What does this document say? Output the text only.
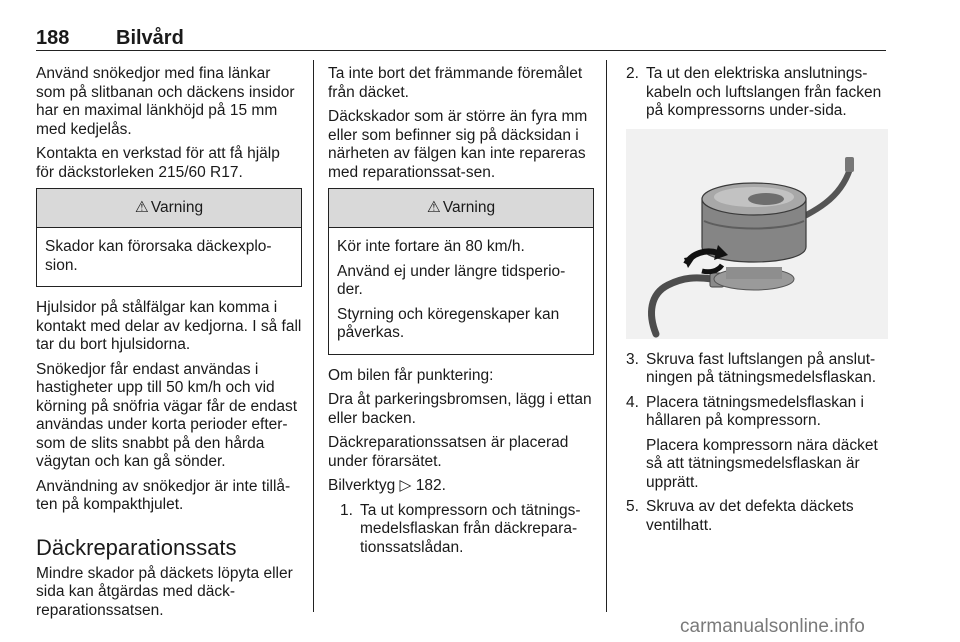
188 Bilvård

Använd snökedjor med fina länkar som på slitbanan och däckens insidor har en maximal länkhöjd på 15 mm med kedjelås.

Kontakta en verkstad för att få hjälp för däckstorleken 215/60 R17.

⚠ Varning

Skador kan förorsaka däckexplo-sion.

Hjulsidor på stålfälgar kan komma i kontakt med delar av kedjorna. I så fall tar du bort hjulsidorna.

Snökedjor får endast användas i hastigheter upp till 50 km/h och vid körning på snöfria vägar får de endast användas under korta perioder efter-som de slits snabbt på den hårda vägytan och kan gå sönder.

Användning av snökedjor är inte tillå-ten på kompakthjulet.

Däckreparationssats

Mindre skador på däckets löpyta eller sida kan åtgärdas med däck-reparationssatsen.

Ta inte bort det främmande föremålet från däcket.

Däckskador som är större än fyra mm eller som befinner sig på däcksidan i närheten av fälgen kan inte repareras med reparationssat-sen.

⚠ Varning

Kör inte fortare än 80 km/h.

Använd ej under längre tidsperio-der.

Styrning och köregenskaper kan påverkas.

Om bilen får punktering:

Dra åt parkeringsbromsen, lägg i ettan eller backen.

Däckreparationssatsen är placerad under förarsätet.

Bilverktyg ▷ 182.

1. Ta ut kompressorn och tätnings-medelsflaskan från däckrepara-tionssatslådan.
2. Ta ut den elektriska anslutnings-kabeln och luftslangen från facken på kompressorns under-sida.
3. Skruva fast luftslangen på anslut-ningen på tätningsmedelsflaskan.
4. Placera tätningsmedelsflaskan i hållaren på kompressorn.

Placera kompressorn nära däcket så att tätningsmedelsflaskan är upprätt.

5. Skruva av det defekta däckets ventilhatt.
carmanualsonline.info
